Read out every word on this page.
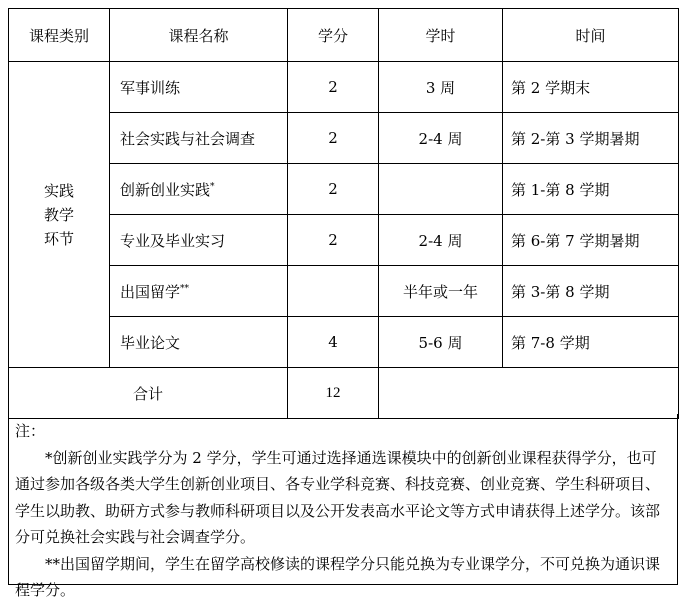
课程类别	课程名称	学分	学时	时间

实践
教学
环节	军事训练	2	3 周	第 2 学期末
	社会实践与社会调查	2	2-4 周	第 2-第 3 学期暑期
	创新创业实践*	2		第 1-第 8 学期
	专业及毕业实习	2	2-4 周	第 6-第 7 学期暑期
	出国留学**		半年或一年	第 3-第 8 学期
	毕业论文	4	5-6 周	第 7-8 学期
合计		12		

注：

*创新创业实践学分为 2 学分，学生可通过选择通选课模块中的创新创业课程获得学分，也可通过参加各级各类大学生创新创业项目、各专业学科竞赛、科技竞赛、创业竞赛、学生科研项目、学生以助教、助研方式参与教师科研项目以及公开发表高水平论文等方式申请获得上述学分。该部分可兑换社会实践与社会调查学分。

**出国留学期间，学生在留学高校修读的课程学分只能兑换为专业课学分，不可兑换为通识课程学分。
